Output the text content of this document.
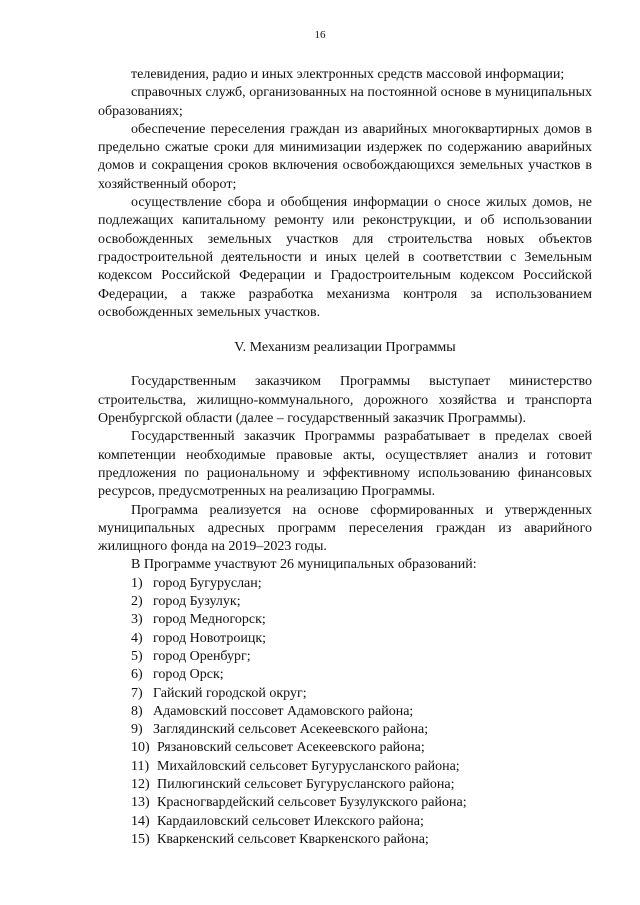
16

телевидения, радио и иных электронных средств массовой информации;

справочных служб, организованных на постоянной основе в муниципальных образованиях;

обеспечение переселения граждан из аварийных многоквартирных домов в предельно сжатые сроки для минимизации издержек по содержанию аварийных домов и сокращения сроков включения освобождающихся земельных участков в хозяйственный оборот;

осуществление сбора и обобщения информации о сносе жилых домов, не подлежащих капитальному ремонту или реконструкции, и об использовании освобожденных земельных участков для строительства новых объектов градостроительной деятельности и иных целей в соответствии с Земельным кодексом Российской Федерации и Градостроительным кодексом Российской Федерации, а также разработка механизма контроля за использованием освобожденных земельных участков.

V. Механизм реализации Программы

Государственным заказчиком Программы выступает министерство строительства, жилищно-коммунального, дорожного хозяйства и транспорта Оренбургской области (далее – государственный заказчик Программы).

Государственный заказчик Программы разрабатывает в пределах своей компетенции необходимые правовые акты, осуществляет анализ и готовит предложения по рациональному и эффективному использованию финансовых ресурсов, предусмотренных на реализацию Программы.

Программа реализуется на основе сформированных и утвержденных муниципальных адресных программ переселения граждан из аварийного жилищного фонда на 2019–2023 годы.

В Программе участвуют 26 муниципальных образований:

1) город Бугуруслан;
2) город Бузулук;
3) город Медногорск;
4) город Новотроицк;
5) город Оренбург;
6) город Орск;
7) Гайский городской округ;
8) Адамовский поссовет Адамовского района;
9) Заглядинский сельсовет Асекеевского района;
10) Рязановский сельсовет Асекеевского района;
11) Михайловский сельсовет Бугурусланского района;
12) Пилюгинский сельсовет Бугурусланского района;
13) Красногвардейский сельсовет Бузулукского района;
14) Кардаиловский сельсовет Илекского района;
15) Кваркенский сельсовет Кваркенского района;
